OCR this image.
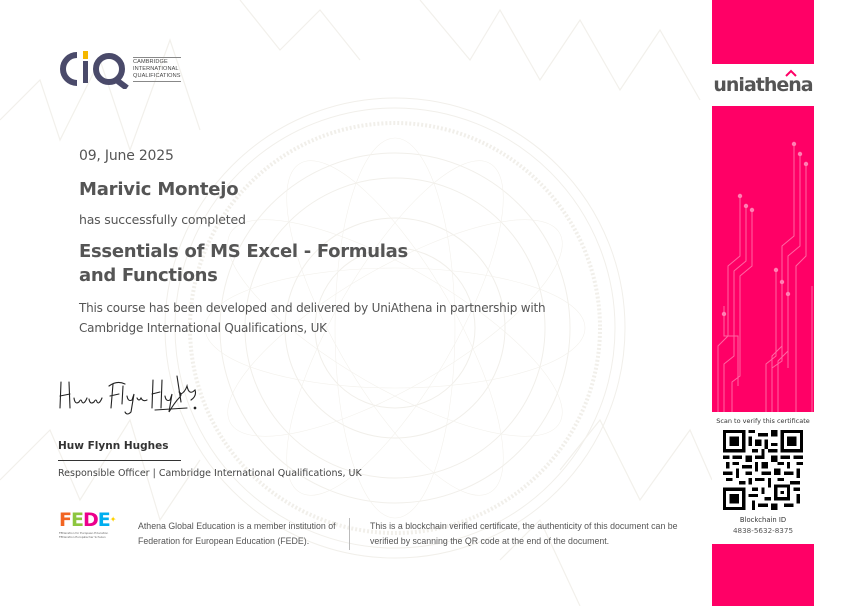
CAMBRIDGE
INTERNATIONAL
QUALIFICATIONS
09, June 2025
Marivic Montejo
has successfully completed
Essentials of MS Excel - Formulas and Functions
This course has been developed and delivered by UniAthena in partnership with Cambridge International Qualifications, UK
Huw Flynn Hughes
Responsible Officer | Cambridge International Qualifications, UK
FEDE✦
FEDeration for European Education
FEDeration Europäischer Schulen
Athena Global Education is a member institution of Federation for European Education (FEDE).
This is a blockchain verified certificate, the authenticity of this document can be verified by scanning the QR code at the end of the document.
uniathena
Scan to verify this certificate
Blockchain ID
4838-5632-8375
